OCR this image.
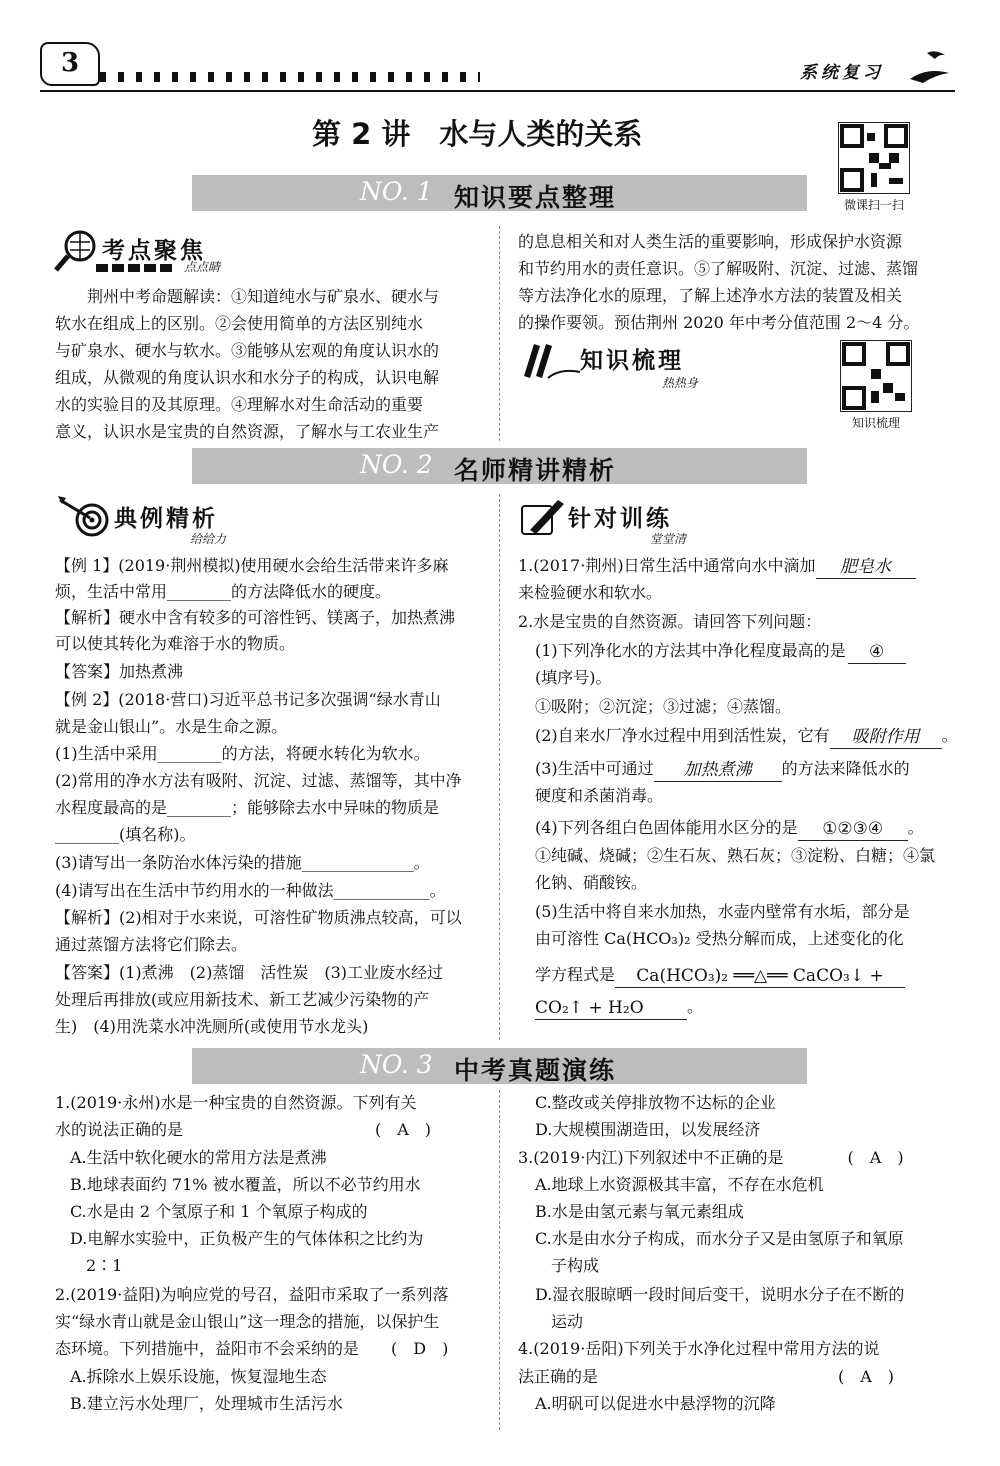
3	系统复习
第 2 讲　水与人类的关系
微课扫一扫
NO. 1 知识要点整理
考点聚焦
点点睛
　　荆州中考命题解读：①知道纯水与矿泉水、硬水与
软水在组成上的区别。②会使用简单的方法区别纯水
与矿泉水、硬水与软水。③能够从宏观的角度认识水的
组成，从微观的角度认识水和水分子的构成，认识电解
水的实验目的及其原理。④理解水对生命活动的重要
意义，认识水是宝贵的自然资源，了解水与工农业生产
的息息相关和对人类生活的重要影响，形成保护水资源
和节约用水的责任意识。⑤了解吸附、沉淀、过滤、蒸馏
等方法净化水的原理，了解上述净水方法的装置及相关
的操作要领。预估荆州 2020 年中考分值范围 2～4 分。
知识梳理
热热身
知识梳理
NO. 2 名师精讲精析
典例精析
给给力
【例 1】(2019·荆州模拟)使用硬水会给生活带来许多麻
烦，生活中常用________的方法降低水的硬度。
【解析】硬水中含有较多的可溶性钙、镁离子，加热煮沸
可以使其转化为难溶于水的物质。
【答案】加热煮沸
【例 2】(2018·营口)习近平总书记多次强调“绿水青山
就是金山银山”。水是生命之源。
(1)生活中采用________的方法，将硬水转化为软水。
(2)常用的净水方法有吸附、沉淀、过滤、蒸馏等，其中净
水程度最高的是________；能够除去水中异味的物质是
________(填名称)。
(3)请写出一条防治水体污染的措施______________。
(4)请写出在生活中节约用水的一种做法____________。
【解析】(2)相对于水来说，可溶性矿物质沸点较高，可以
通过蒸馏方法将它们除去。
【答案】(1)煮沸　(2)蒸馏　活性炭　(3)工业废水经过
处理后再排放(或应用新技术、新工艺减少污染物的产
生)　(4)用洗菜水冲洗厕所(或使用节水龙头)
针对训练
堂堂清
1.(2017·荆州)日常生活中通常向水中滴加 肥皂水
来检验硬水和软水。
2.水是宝贵的自然资源。请回答下列问题：
(1)下列净化水的方法其中净化程度最高的是 ④
(填序号)。
①吸附；②沉淀；③过滤；④蒸馏。
(2)自来水厂净水过程中用到活性炭，它有 吸附作用 。
(3)生活中可通过 加热煮沸 的方法来降低水的
硬度和杀菌消毒。
(4)下列各组白色固体能用水区分的是 ①②③④ 。
①纯碱、烧碱；②生石灰、熟石灰；③淀粉、白糖；④氯
化钠、硝酸铵。
(5)生活中将自来水加热，水壶内壁常有水垢，部分是
由可溶性 Ca(HCO₃)₂ 受热分解而成，上述变化的化
学方程式是 Ca(HCO₃)₂ ══△══ CaCO₃↓ +
CO₂↑ + H₂O	。
NO. 3 中考真题演练
1.(2019·永州)水是一种宝贵的自然资源。下列有关
水的说法正确的是　　　　　　　　　　　　(　A　)
A.生活中软化硬水的常用方法是煮沸
B.地球表面约 71% 被水覆盖，所以不必节约用水
C.水是由 2 个氢原子和 1 个氧原子构成的
D.电解水实验中，正负极产生的气体体积之比约为
　2∶1
2.(2019·益阳)为响应党的号召，益阳市采取了一系列落
实“绿水青山就是金山银山”这一理念的措施，以保护生
态环境。下列措施中，益阳市不会采纳的是　　(　D　)
A.拆除水上娱乐设施，恢复湿地生态
B.建立污水处理厂，处理城市生活污水
C.整改或关停排放物不达标的企业
D.大规模围湖造田，以发展经济
3.(2019·内江)下列叙述中不正确的是　　　　(　A　)
A.地球上水资源极其丰富，不存在水危机
B.水是由氢元素与氧元素组成
C.水是由水分子构成，而水分子又是由氢原子和氧原
　子构成
D.湿衣服晾晒一段时间后变干，说明水分子在不断的
　运动
4.(2019·岳阳)下列关于水净化过程中常用方法的说
法正确的是　　　　　　　　　　　　　　　(　A　)
A.明矾可以促进水中悬浮物的沉降
